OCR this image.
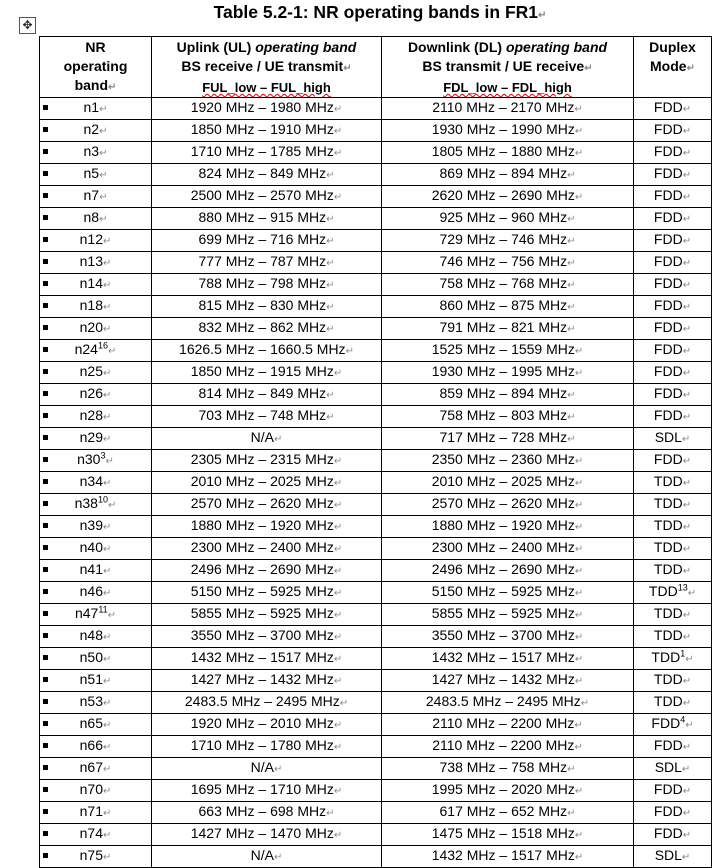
Table 5.2-1: NR operating bands in FR1↵
✥
NR
operating
band↵	Uplink (UL) operating band
BS receive / UE transmit↵
FUL_low – FUL_high	Downlink (DL) operating band
BS transmit / UE receive↵
FDL_low – FDL_high	Duplex
Mode↵

n1↵	1920 MHz – 1980 MHz↵	2110 MHz – 2170 MHz↵	FDD↵

n2↵	1850 MHz – 1910 MHz↵	1930 MHz – 1990 MHz↵	FDD↵

n3↵	1710 MHz – 1785 MHz↵	1805 MHz – 1880 MHz↵	FDD↵

n5↵	824 MHz – 849 MHz↵	869 MHz – 894 MHz↵	FDD↵

n7↵	2500 MHz – 2570 MHz↵	2620 MHz – 2690 MHz↵	FDD↵

n8↵	880 MHz – 915 MHz↵	925 MHz – 960 MHz↵	FDD↵

n12↵	699 MHz – 716 MHz↵	729 MHz – 746 MHz↵	FDD↵

n13↵	777 MHz – 787 MHz↵	746 MHz – 756 MHz↵	FDD↵

n14↵	788 MHz – 798 MHz↵	758 MHz – 768 MHz↵	FDD↵

n18↵	815 MHz – 830 MHz↵	860 MHz – 875 MHz↵	FDD↵

n20↵	832 MHz – 862 MHz↵	791 MHz – 821 MHz↵	FDD↵

$n24^{16}↵$	1626.5 MHz – 1660.5 MHz↵	1525 MHz – 1559 MHz↵	FDD↵

n25↵	1850 MHz – 1915 MHz↵	1930 MHz – 1995 MHz↵	FDD↵

n26↵	814 MHz – 849 MHz↵	859 MHz – 894 MHz↵	FDD↵

n28↵	703 MHz – 748 MHz↵	758 MHz – 803 MHz↵	FDD↵

n29↵	N/A↵	717 MHz – 728 MHz↵	SDL↵

$n30^3↵$	2305 MHz – 2315 MHz↵	2350 MHz – 2360 MHz↵	FDD↵

n34↵	2010 MHz – 2025 MHz↵	2010 MHz – 2025 MHz↵	TDD↵

$n38^{10}↵$	2570 MHz – 2620 MHz↵	2570 MHz – 2620 MHz↵	TDD↵

n39↵	1880 MHz – 1920 MHz↵	1880 MHz – 1920 MHz↵	TDD↵

n40↵	2300 MHz – 2400 MHz↵	2300 MHz – 2400 MHz↵	TDD↵

n41↵	2496 MHz – 2690 MHz↵	2496 MHz – 2690 MHz↵	TDD↵

n46↵	5150 MHz – 5925 MHz↵	5150 MHz – 5925 MHz↵	TDD$^{13}$↵

$n47^{11}↵$	5855 MHz – 5925 MHz↵	5855 MHz – 5925 MHz↵	TDD↵

n48↵	3550 MHz – 3700 MHz↵	3550 MHz – 3700 MHz↵	TDD↵

n50↵	1432 MHz – 1517 MHz↵	1432 MHz – 1517 MHz↵	TDD$^1$↵

n51↵	1427 MHz – 1432 MHz↵	1427 MHz – 1432 MHz↵	TDD↵

n53↵	2483.5 MHz – 2495 MHz↵	2483.5 MHz – 2495 MHz↵	TDD↵

n65↵	1920 MHz – 2010 MHz↵	2110 MHz – 2200 MHz↵	FDD$^4$↵

n66↵	1710 MHz – 1780 MHz↵	2110 MHz – 2200 MHz↵	FDD↵

n67↵	N/A↵	738 MHz – 758 MHz↵	SDL↵

n70↵	1695 MHz – 1710 MHz↵	1995 MHz – 2020 MHz↵	FDD↵

n71↵	663 MHz – 698 MHz↵	617 MHz – 652 MHz↵	FDD↵

n74↵	1427 MHz – 1470 MHz↵	1475 MHz – 1518 MHz↵	FDD↵

n75↵	N/A↵	1432 MHz – 1517 MHz↵	SDL↵
